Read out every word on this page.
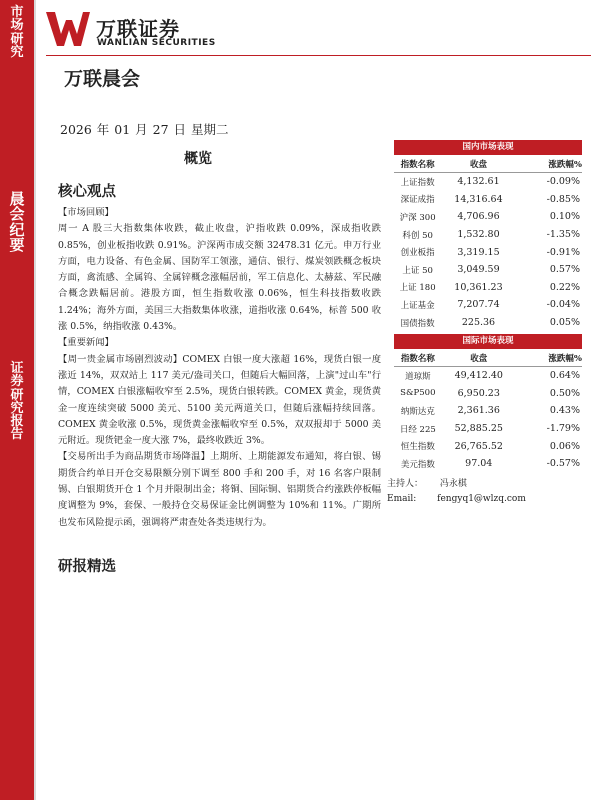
市
场
研
究
晨
会
纪
要
证
券
研
究
报
告
万联证券
WANLIAN SECURITIES
万联晨会
2026 年 01 月 27 日 星期二
概览
核心观点

【市场回顾】

周一 A 股三大指数集体收跌，截止收盘，沪指收跌 0.09%，深成指收跌 0.85%，创业板指收跌 0.91%。沪深两市成交额 32478.31 亿元。申万行业方面，电力设备、有色金属、国防军工领涨，通信、银行、煤炭领跌概念板块方面，禽流感、全属钨、全属锌概念涨幅居前，军工信息化、太赫兹、军民融合概念跌幅居前。港股方面，恒生指数收涨 0.06%，恒生科技指数收跌 1.24%；海外方面，美国三大指数集体收涨，道指收涨 0.64%，标普 500 收涨 0.5%，纳指收涨 0.43%。

【重要新闻】

【周一贵金属市场剧烈波动】COMEX 白银一度大涨超 16%，现货白银一度涨近 14%，双双站上 117 美元/盎司关口，但随后大幅回落，上演"过山车"行情，COMEX 白银涨幅收窄至 2.5%，现货白银转跌。COMEX 黄金，现货黄金一度连续突破 5000 美元、5100 美元两道关口，但随后涨幅持续回落。COMEX 黄金收涨 0.5%，现货黄金涨幅收窄至 0.5%，双双报却于 5000 美元附近。现货钯金一度大涨 7%，最终收跌近 3%。

【交易所出手为商品期货市场降温】上期所、上期能源发布通知，将白银、锡期货合约单日开仓交易限额分别下调至 800 手和 200 手，对 16 名客户限制锡、白银期货开仓 1 个月并限制出金；将铜、国际铜、铝期货合约涨跌停板幅度调整为 9%，套保、一般持仓交易保证金比例调整为 10%和 11%。广期所也发布风险提示函，强调将严肃查处各类违规行为。

研报精选
国内市场表现
指数名称	收盘	涨跌幅%
上证指数	4,132.61	-0.09%
深证成指	14,316.64	-0.85%
沪深 300	4,706.96	0.10%
科创 50	1,532.80	-1.35%
创业板指	3,319.15	-0.91%
上证 50	3,049.59	0.57%
上证 180	10,361.23	0.22%
上证基金	7,207.74	-0.04%
国债指数	225.36	0.05%
国际市场表现
指数名称	收盘	涨跌幅%
道琼斯	49,412.40	0.64%
S&P500	6,950.23	0.50%
纳斯达克	2,361.36	0.43%
日经 225	52,885.25	-1.79%
恒生指数	26,765.52	0.06%
美元指数	97.04	-0.57%
主持人： 冯永棋
Email: fengyq1@wlzq.com
